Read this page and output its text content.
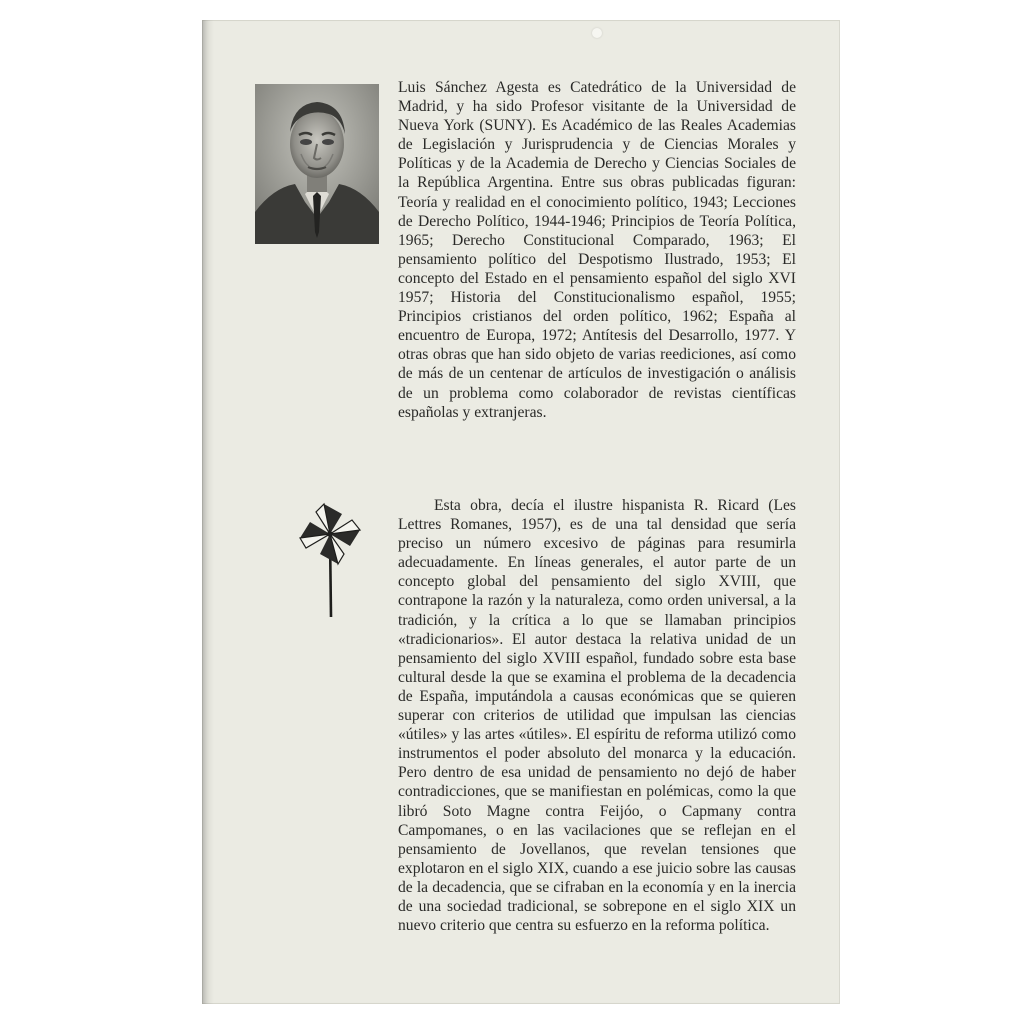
Luis Sánchez Agesta es Catedrático de la Universidad de Madrid, y ha sido Profesor visitante de la Universidad de Nueva York (SUNY). Es Académico de las Reales Academias de Legislación y Jurisprudencia y de Ciencias Morales y Políticas y de la Academia de Derecho y Ciencias Sociales de la República Argentina. Entre sus obras publicadas figuran: Teoría y realidad en el conocimiento político, 1943; Lecciones de Derecho Político, 1944-1946; Principios de Teoría Política, 1965; Derecho Constitucional Comparado, 1963; El pensamiento político del Despotismo Ilustrado, 1953; El concepto del Estado en el pensamiento español del siglo XVI 1957; Historia del Constitucionalismo español, 1955; Principios cristianos del orden político, 1962; España al encuentro de Europa, 1972; Antítesis del Desarrollo, 1977. Y otras obras que han sido objeto de varias reediciones, así como de más de un centenar de artículos de investigación o análisis de un problema como colaborador de revistas científicas españolas y extranjeras.

Esta obra, decía el ilustre hispanista R. Ricard (Les Lettres Romanes, 1957), es de una tal densidad que sería preciso un número excesivo de páginas para resumirla adecuadamente. En líneas generales, el autor parte de un concepto global del pensamiento del siglo XVIII, que contrapone la razón y la naturaleza, como orden universal, a la tradición, y la crítica a lo que se llamaban principios «tradicionarios». El autor destaca la relativa unidad de un pensamiento del siglo XVIII español, fundado sobre esta base cultural desde la que se examina el problema de la decadencia de España, imputándola a causas económicas que se quieren superar con criterios de utilidad que impulsan las ciencias «útiles» y las artes «útiles». El espíritu de reforma utilizó como instrumentos el poder absoluto del monarca y la educación. Pero dentro de esa unidad de pensamiento no dejó de haber contradicciones, que se manifiestan en polémicas, como la que libró Soto Magne contra Feijóo, o Capmany contra Campomanes, o en las vacilaciones que se reflejan en el pensamiento de Jovellanos, que revelan tensiones que explotaron en el siglo XIX, cuando a ese juicio sobre las causas de la decadencia, que se cifraban en la economía y en la inercia de una sociedad tradicional, se sobrepone en el siglo XIX un nuevo criterio que centra su esfuerzo en la reforma política.
